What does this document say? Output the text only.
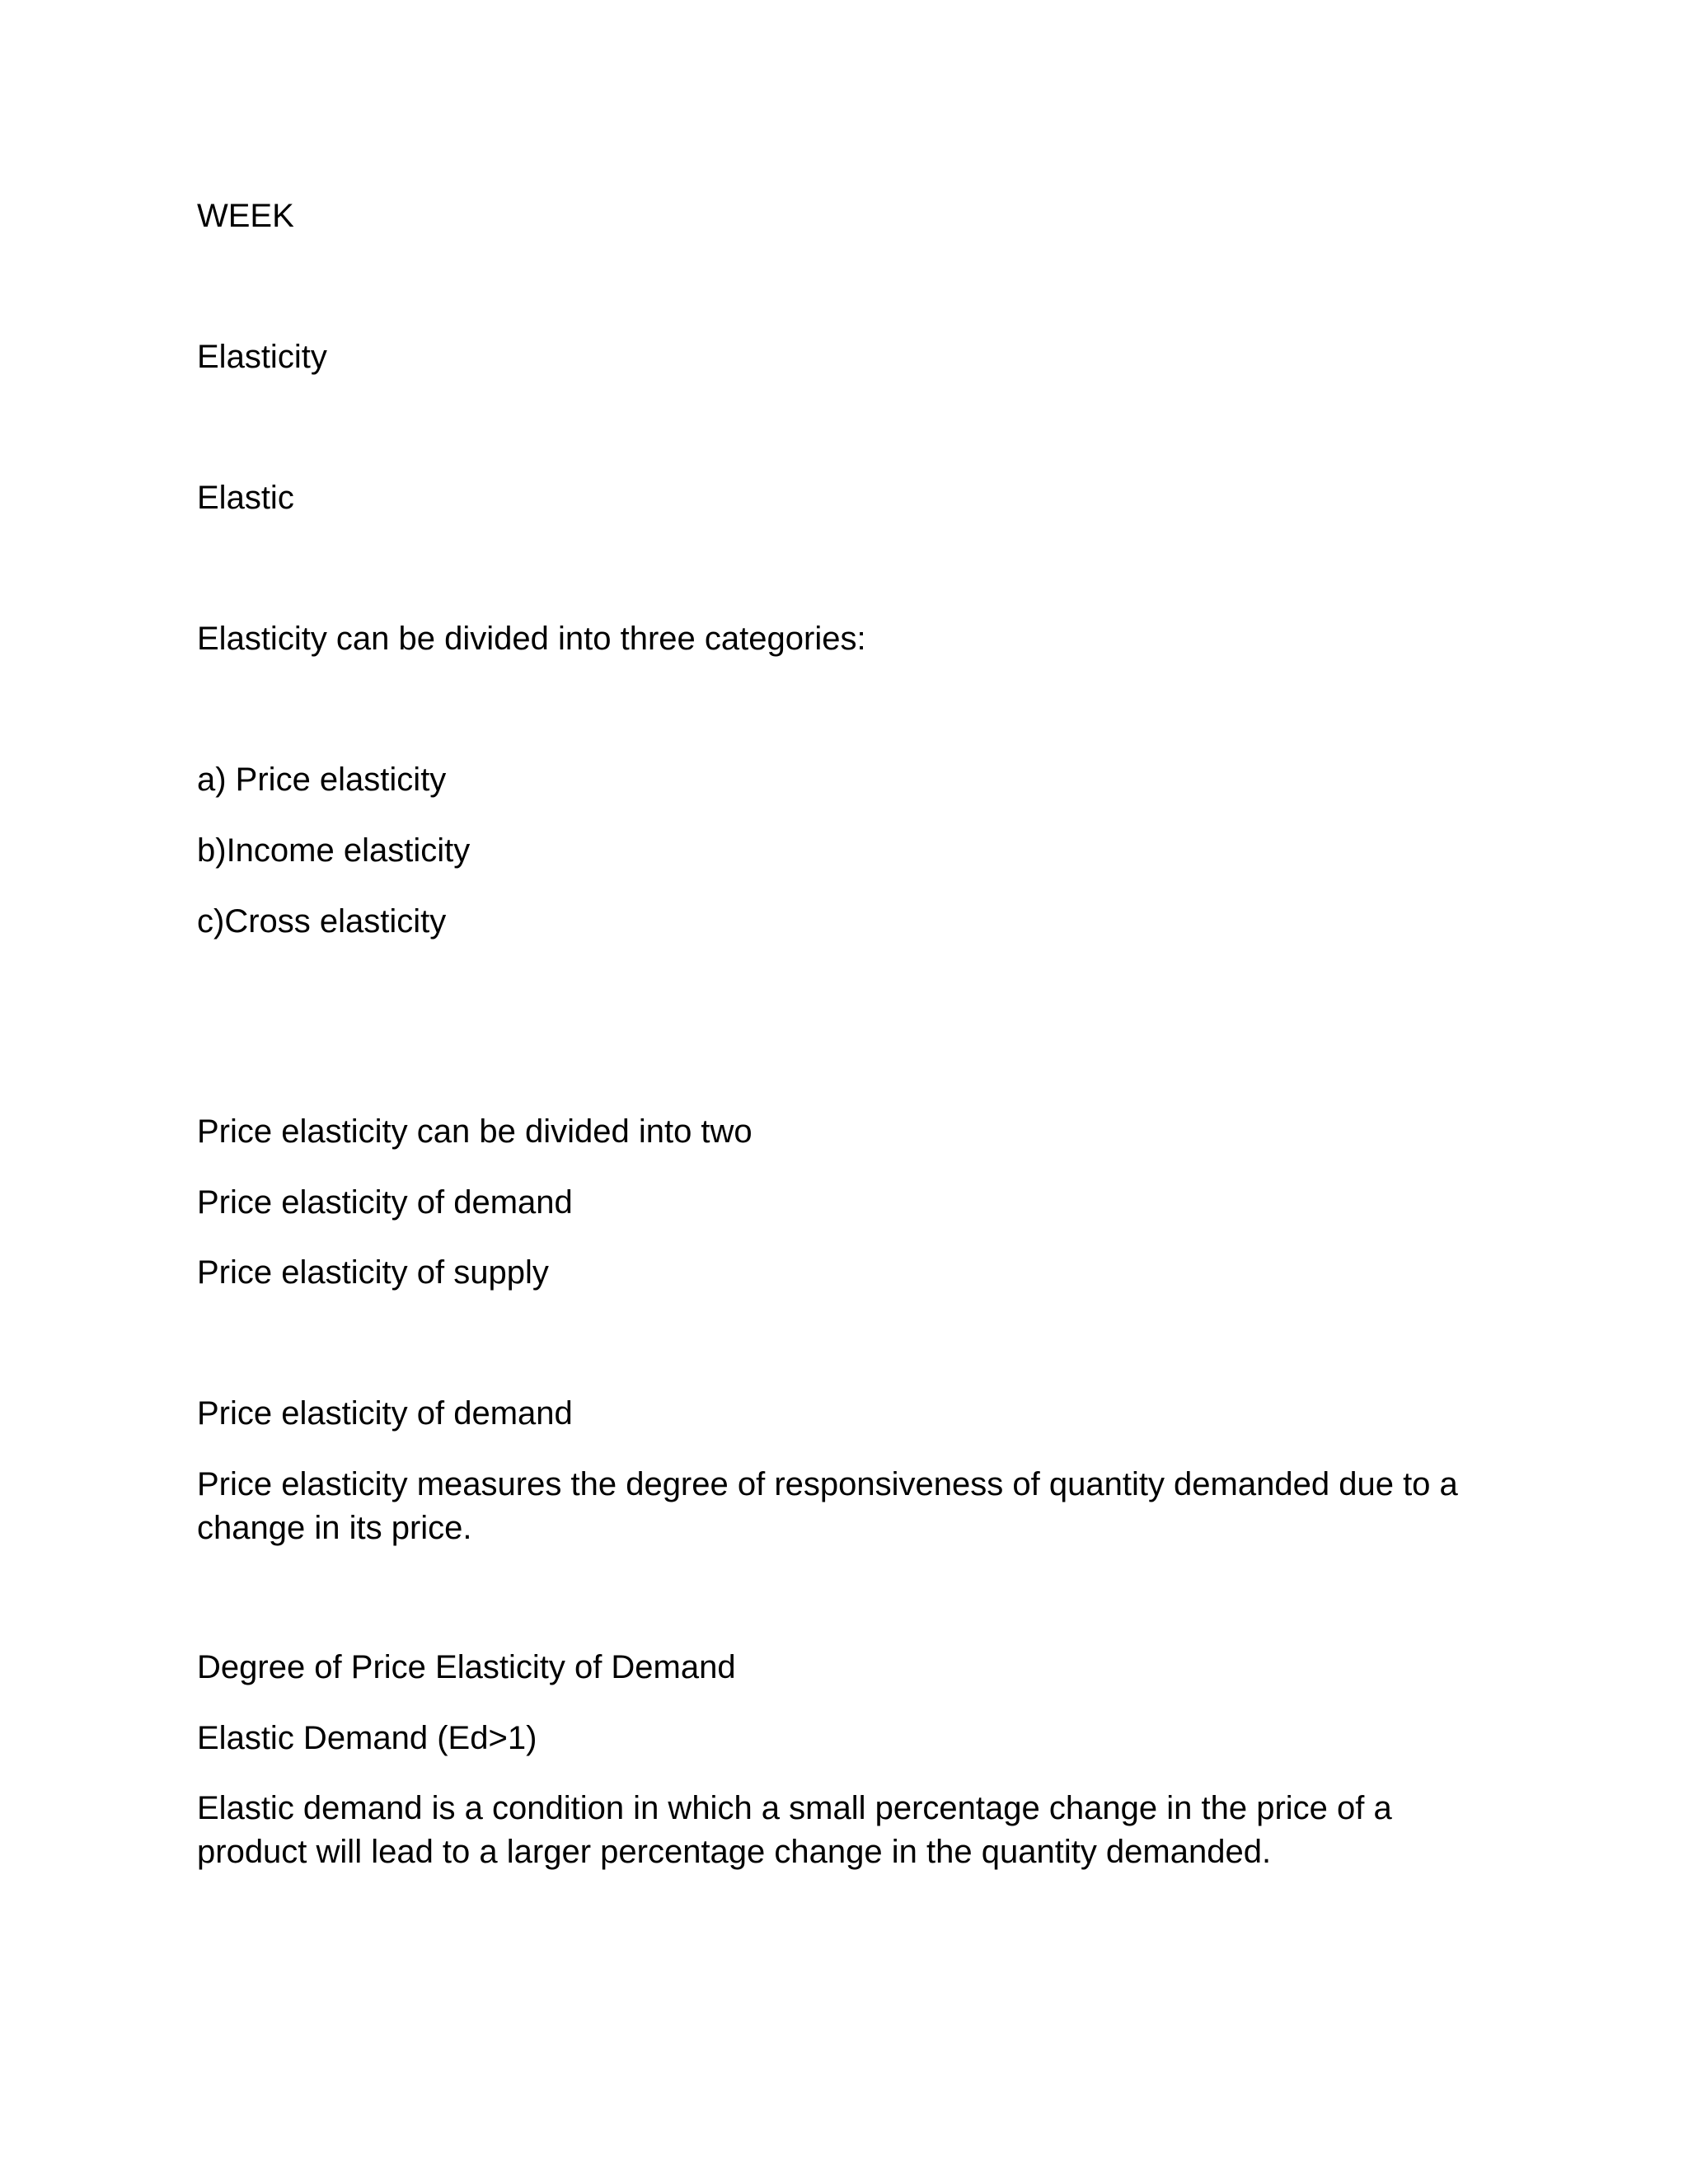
WEEK

Elasticity

Elastic

Elasticity can be divided into three categories:

a) Price elasticity

b)Income elasticity

c)Cross elasticity

Price elasticity can be divided into two

Price elasticity of demand

Price elasticity of supply

Price elasticity of demand

Price elasticity measures the degree of responsiveness of quantity demanded due to a change in its price.

Degree of Price Elasticity of Demand

Elastic Demand (Ed>1)

Elastic demand is a condition in which a small percentage change in the price of a product will lead to a larger percentage change in the quantity demanded.
